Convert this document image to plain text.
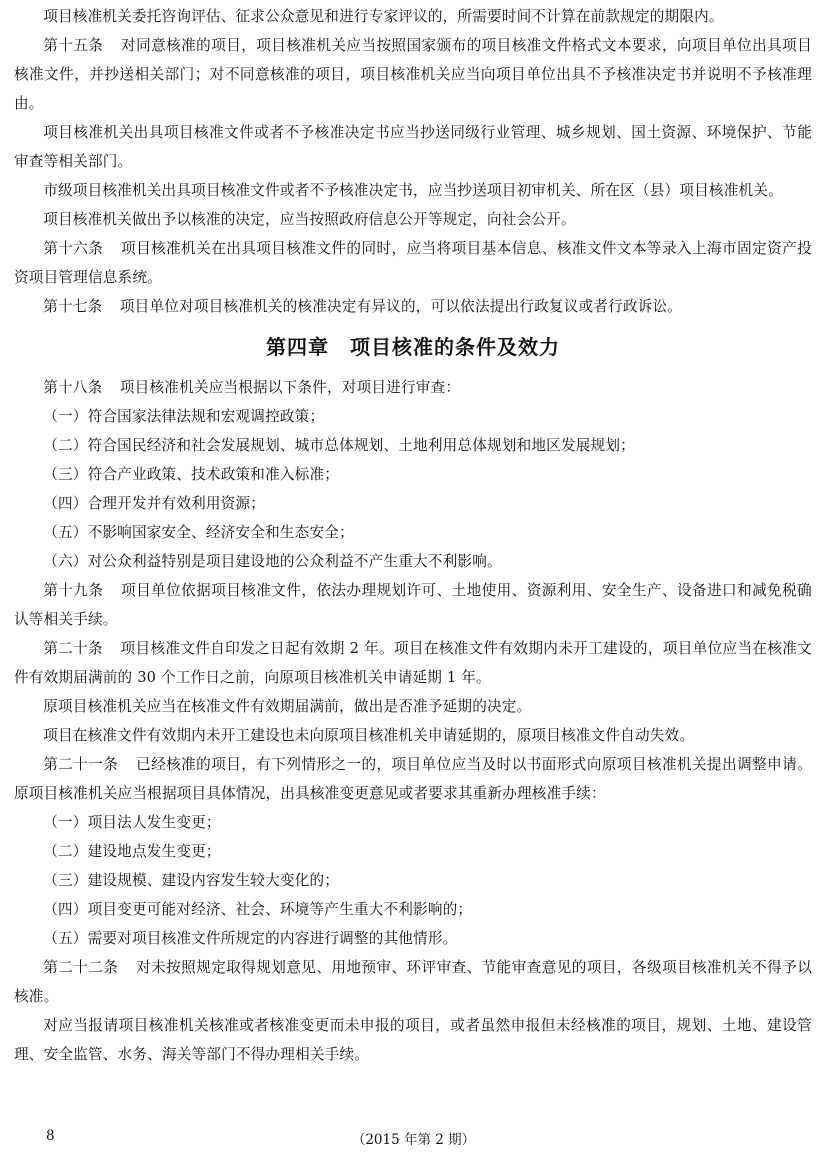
项目核准机关委托咨询评估、征求公众意见和进行专家评议的，所需要时间不计算在前款规定的期限内。

第十五条 对同意核准的项目，项目核准机关应当按照国家颁布的项目核准文件格式文本要求，向项目单位出具项目核准文件，并抄送相关部门；对不同意核准的项目，项目核准机关应当向项目单位出具不予核准决定书并说明不予核准理由。

项目核准机关出具项目核准文件或者不予核准决定书应当抄送同级行业管理、城乡规划、国土资源、环境保护、节能审查等相关部门。

市级项目核准机关出具项目核准文件或者不予核准决定书，应当抄送项目初审机关、所在区（县）项目核准机关。

项目核准机关做出予以核准的决定，应当按照政府信息公开等规定，向社会公开。

第十六条 项目核准机关在出具项目核准文件的同时，应当将项目基本信息、核准文件文本等录入上海市固定资产投资项目管理信息系统。

第十七条 项目单位对项目核准机关的核准决定有异议的，可以依法提出行政复议或者行政诉讼。

第四章　项目核准的条件及效力

第十八条 项目核准机关应当根据以下条件，对项目进行审查：

（一）符合国家法律法规和宏观调控政策；

（二）符合国民经济和社会发展规划、城市总体规划、土地利用总体规划和地区发展规划；

（三）符合产业政策、技术政策和准入标准；

（四）合理开发并有效利用资源；

（五）不影响国家安全、经济安全和生态安全；

（六）对公众利益特别是项目建设地的公众利益不产生重大不利影响。

第十九条 项目单位依据项目核准文件，依法办理规划许可、土地使用、资源利用、安全生产、设备进口和减免税确认等相关手续。

第二十条 项目核准文件自印发之日起有效期 2 年。项目在核准文件有效期内未开工建设的，项目单位应当在核准文件有效期届满前的 30 个工作日之前，向原项目核准机关申请延期 1 年。

原项目核准机关应当在核准文件有效期届满前，做出是否准予延期的决定。

项目在核准文件有效期内未开工建设也未向原项目核准机关申请延期的，原项目核准文件自动失效。

第二十一条 已经核准的项目，有下列情形之一的，项目单位应当及时以书面形式向原项目核准机关提出调整申请。原项目核准机关应当根据项目具体情况，出具核准变更意见或者要求其重新办理核准手续：

（一）项目法人发生变更；

（二）建设地点发生变更；

（三）建设规模、建设内容发生较大变化的；

（四）项目变更可能对经济、社会、环境等产生重大不利影响的；

（五）需要对项目核准文件所规定的内容进行调整的其他情形。

第二十二条 对未按照规定取得规划意见、用地预审、环评审查、节能审查意见的项目，各级项目核准机关不得予以核准。

对应当报请项目核准机关核准或者核准变更而未申报的项目，或者虽然申报但未经核准的项目，规划、土地、建设管理、安全监管、水务、海关等部门不得办理相关手续。

8	（2015 年第 2 期）
